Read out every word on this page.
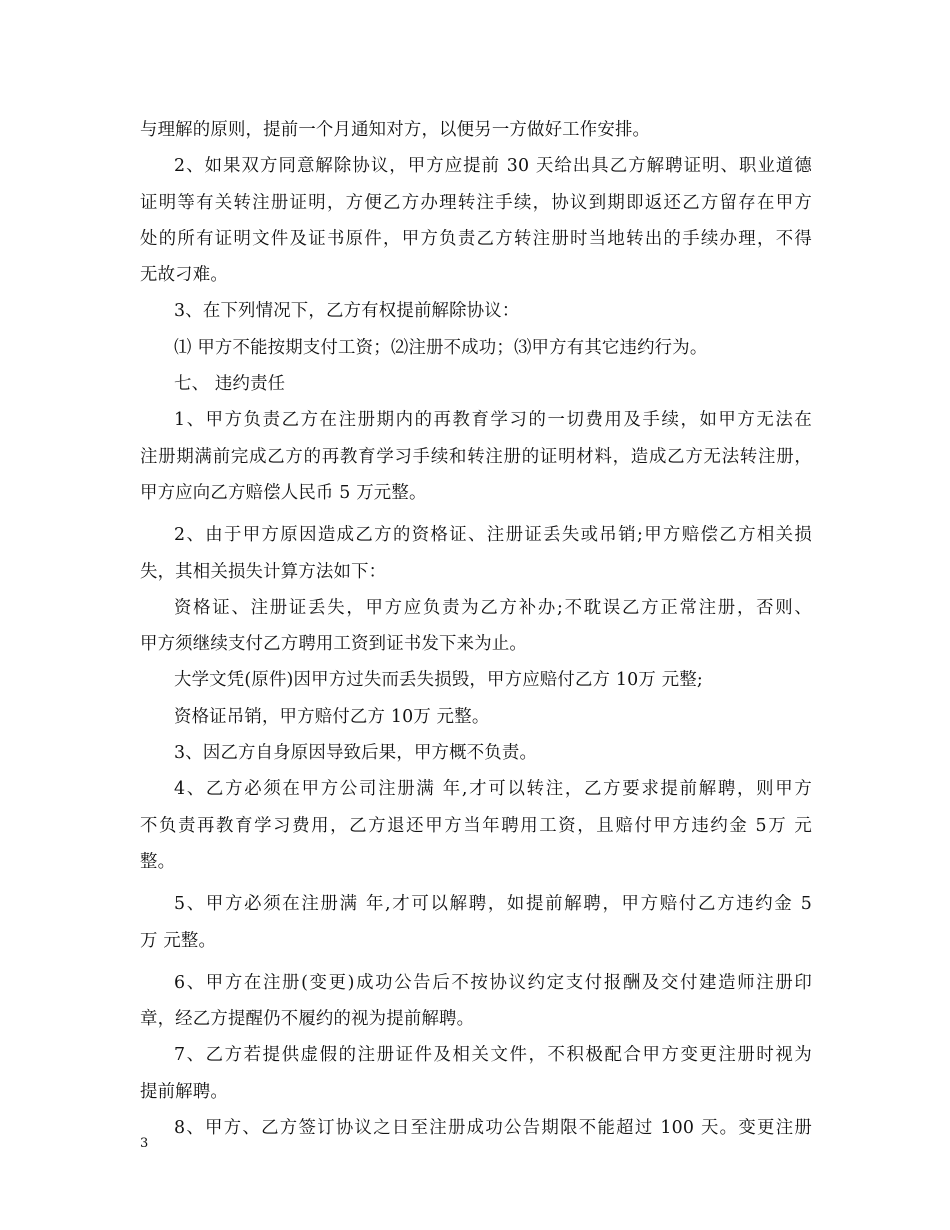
与理解的原则，提前一个月通知对方，以便另一方做好工作安排。
2、如果双方同意解除协议，甲方应提前 30 天给出具乙方解聘证明、职业道德
证明等有关转注册证明，方便乙方办理转注手续，协议到期即返还乙方留存在甲方
处的所有证明文件及证书原件，甲方负责乙方转注册时当地转出的手续办理，不得
无故刁难。
3、在下列情况下，乙方有权提前解除协议：
⑴ 甲方不能按期支付工资；⑵注册不成功；⑶甲方有其它违约行为。
七、 违约责任
1、甲方负责乙方在注册期内的再教育学习的一切费用及手续，如甲方无法在
注册期满前完成乙方的再教育学习手续和转注册的证明材料，造成乙方无法转注册，
甲方应向乙方赔偿人民币 5 万元整。
2、由于甲方原因造成乙方的资格证、注册证丢失或吊销;甲方赔偿乙方相关损
失，其相关损失计算方法如下：
资格证、注册证丢失，甲方应负责为乙方补办;不耽误乙方正常注册，否则、
甲方须继续支付乙方聘用工资到证书发下来为止。
大学文凭(原件)因甲方过失而丢失损毁，甲方应赔付乙方 10万 元整;
资格证吊销，甲方赔付乙方 10万 元整。
3、因乙方自身原因导致后果，甲方概不负责。
4、乙方必须在甲方公司注册满 年,才可以转注，乙方要求提前解聘，则甲方
不负责再教育学习费用，乙方退还甲方当年聘用工资，且赔付甲方违约金 5万 元
整。
5、甲方必须在注册满 年,才可以解聘，如提前解聘，甲方赔付乙方违约金 5
万 元整。
6、甲方在注册(变更)成功公告后不按协议约定支付报酬及交付建造师注册印
章，经乙方提醒仍不履约的视为提前解聘。
7、乙方若提供虚假的注册证件及相关文件，不积极配合甲方变更注册时视为
提前解聘。
8、甲方、乙方签订协议之日至注册成功公告期限不能超过 100 天。变更注册
3
